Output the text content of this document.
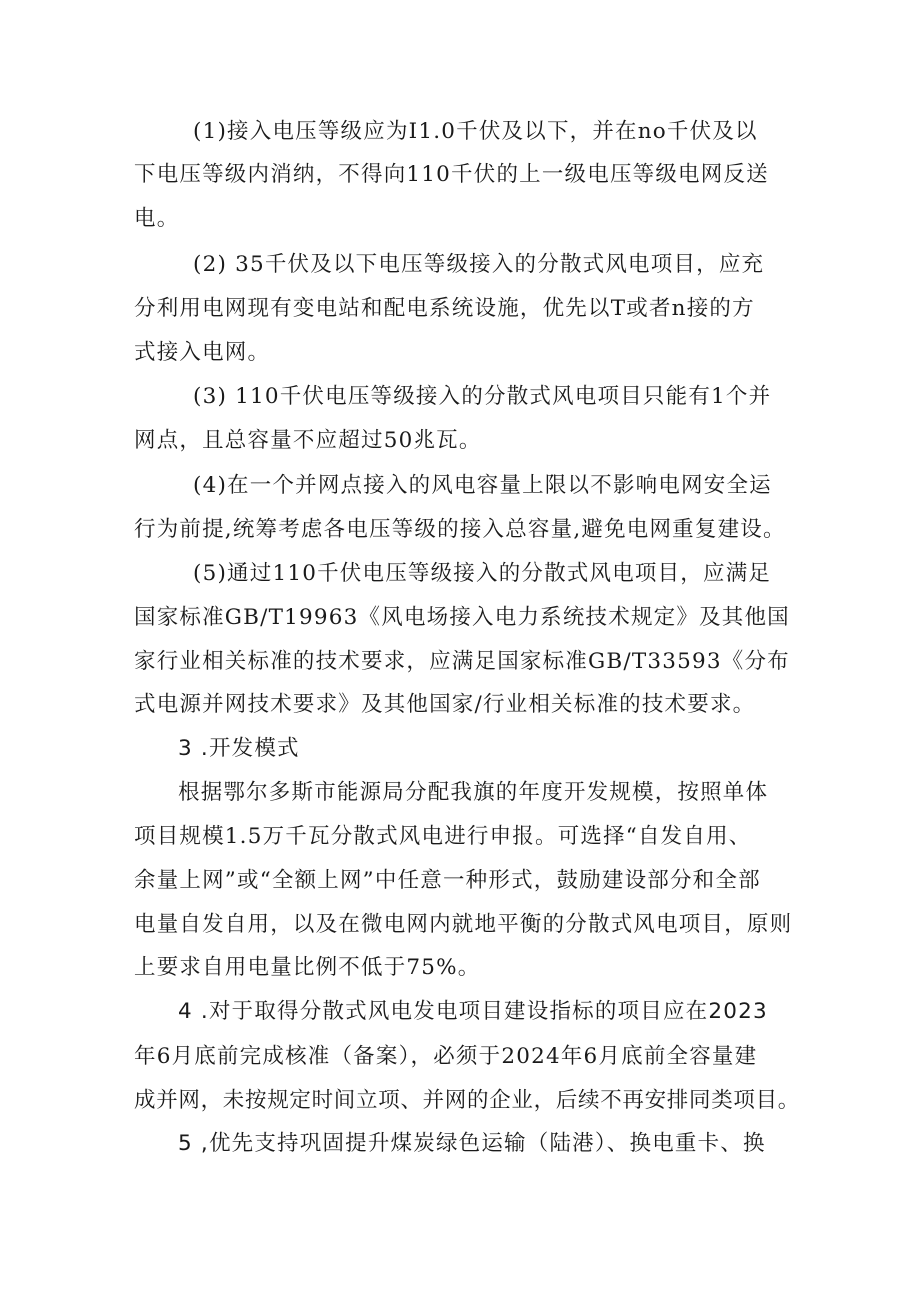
(1)接入电压等级应为I1.0千伏及以下，并在no千伏及以
下电压等级内消纳，不得向110千伏的上一级电压等级电网反送
电。
(2) 35千伏及以下电压等级接入的分散式风电项目，应充
分利用电网现有变电站和配电系统设施，优先以T或者n接的方
式接入电网。
(3) 110千伏电压等级接入的分散式风电项目只能有1个并
网点，且总容量不应超过50兆瓦。
(4)在一个并网点接入的风电容量上限以不影响电网安全运
行为前提,统筹考虑各电压等级的接入总容量,避免电网重复建设。
(5)通过110千伏电压等级接入的分散式风电项目，应满足
国家标准GB/T19963《风电场接入电力系统技术规定》及其他国
家行业相关标准的技术要求，应满足国家标准GB/T33593《分布
式电源并网技术要求》及其他国家/行业相关标准的技术要求。
3 .开发模式
根据鄂尔多斯市能源局分配我旗的年度开发规模，按照单体
项目规模1.5万千瓦分散式风电进行申报。可选择“自发自用、
余量上网”或“全额上网”中任意一种形式，鼓励建设部分和全部
电量自发自用，以及在微电网内就地平衡的分散式风电项目，原则
上要求自用电量比例不低于75%。
4 .对于取得分散式风电发电项目建设指标的项目应在2023
年6月底前完成核准（备案），必须于2024年6月底前全容量建
成并网，未按规定时间立项、并网的企业，后续不再安排同类项目。
5 ,优先支持巩固提升煤炭绿色运输（陆港）、换电重卡、换
